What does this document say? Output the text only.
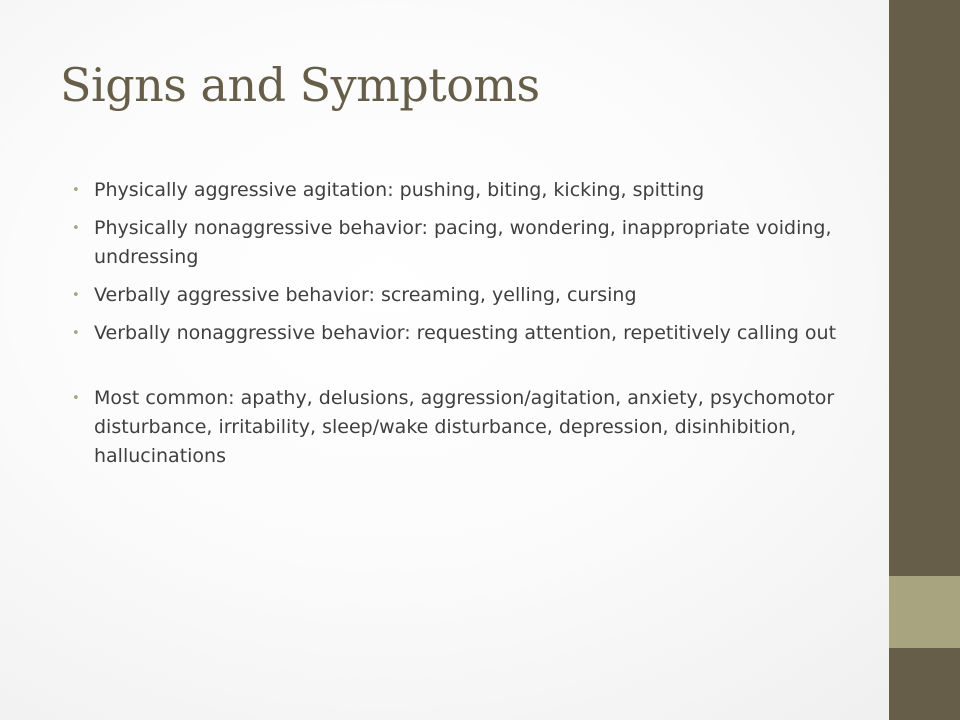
Signs and Symptoms
• Physically aggressive agitation: pushing, biting, kicking, spitting
• Physically nonaggressive behavior: pacing, wondering, inappropriate voiding, undressing
• Verbally aggressive behavior: screaming, yelling, cursing
• Verbally nonaggressive behavior: requesting attention, repetitively calling out
• Most common: apathy, delusions, aggression/agitation, anxiety, psychomotor disturbance, irritability, sleep/wake disturbance, depression, disinhibition, hallucinations
